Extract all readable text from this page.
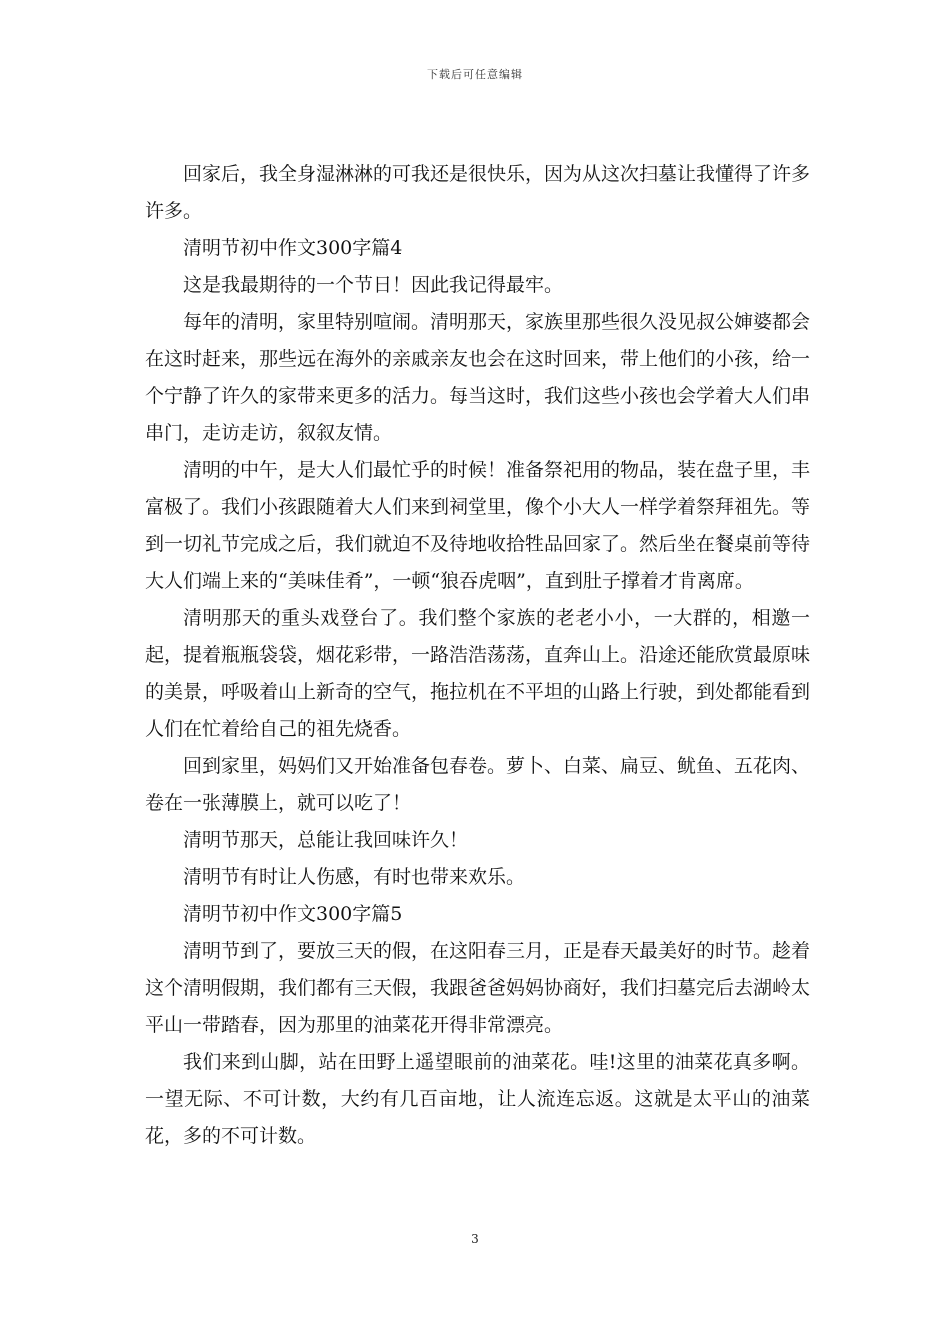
下载后可任意编辑

回家后，我全身湿淋淋的可我还是很快乐，因为从这次扫墓让我懂得了许多许多。

清明节初中作文300字篇4

这是我最期待的一个节日！因此我记得最牢。

每年的清明，家里特别喧闹。清明那天，家族里那些很久没见叔公婶婆都会在这时赶来，那些远在海外的亲戚亲友也会在这时回来，带上他们的小孩，给一个宁静了许久的家带来更多的活力。每当这时，我们这些小孩也会学着大人们串串门，走访走访，叙叙友情。

清明的中午，是大人们最忙乎的时候！准备祭祀用的物品，装在盘子里，丰富极了。我们小孩跟随着大人们来到祠堂里，像个小大人一样学着祭拜祖先。等到一切礼节完成之后，我们就迫不及待地收拾牲品回家了。然后坐在餐桌前等待大人们端上来的“美味佳肴”，一顿“狼吞虎咽”，直到肚子撑着才肯离席。

清明那天的重头戏登台了。我们整个家族的老老小小，一大群的，相邀一起，提着瓶瓶袋袋，烟花彩带，一路浩浩荡荡，直奔山上。沿途还能欣赏最原味的美景，呼吸着山上新奇的空气，拖拉机在不平坦的山路上行驶，到处都能看到人们在忙着给自己的祖先烧香。

回到家里，妈妈们又开始准备包春卷。萝卜、白菜、扁豆、鱿鱼、五花肉、卷在一张薄膜上，就可以吃了！

清明节那天，总能让我回味许久！

清明节有时让人伤感，有时也带来欢乐。

清明节初中作文300字篇5

清明节到了，要放三天的假，在这阳春三月，正是春天最美好的时节。趁着这个清明假期，我们都有三天假，我跟爸爸妈妈协商好，我们扫墓完后去湖岭太平山一带踏春，因为那里的油菜花开得非常漂亮。

我们来到山脚，站在田野上遥望眼前的油菜花。哇!这里的油菜花真多啊。一望无际、不可计数，大约有几百亩地，让人流连忘返。这就是太平山的油菜花，多的不可计数。

3
